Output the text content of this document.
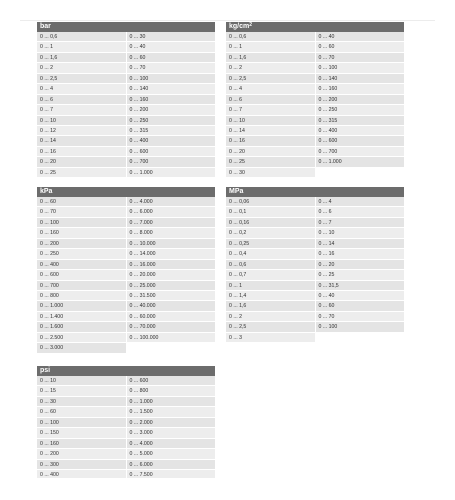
bar
0 ... 0,6	0 ... 30
0 ... 1	0 ... 40
0 ... 1,6	0 ... 60
0 ... 2	0 ... 70
0 ... 2,5	0 ... 100
0 ... 4	0 ... 140
0 ... 6	0 ... 160
0 ... 7	0 ... 200
0 ... 10	0 ... 250
0 ... 12	0 ... 315
0 ... 14	0 ... 400
0 ... 16	0 ... 600
0 ... 20	0 ... 700
0 ... 25	0 ... 1.000
$kg/cm^2$
0 ... 0,6	0 ... 40
0 ... 1	0 ... 60
0 ... 1,6	0 ... 70
0 ... 2	0 ... 100
0 ... 2,5	0 ... 140
0 ... 4	0 ... 160
0 ... 6	0 ... 200
0 ... 7	0 ... 250
0 ... 10	0 ... 315
0 ... 14	0 ... 400
0 ... 16	0 ... 600
0 ... 20	0 ... 700
0 ... 25	0 ... 1.000
0 ... 30
kPa
0 ... 60	0 ... 4.000
0 ... 70	0 ... 6.000
0 ... 100	0 ... 7.000
0 ... 160	0 ... 8.000
0 ... 200	0 ... 10.000
0 ... 250	0 ... 14.000
0 ... 400	0 ... 16.000
0 ... 600	0 ... 20.000
0 ... 700	0 ... 25.000
0 ... 800	0 ... 31.500
0 ... 1.000	0 ... 40.000
0 ... 1.400	0 ... 60.000
0 ... 1.600	0 ... 70.000
0 ... 2.500	0 ... 100.000
0 ... 3.000
MPa
0 ... 0,06	0 ... 4
0 ... 0,1	0 ... 6
0 ... 0,16	0 ... 7
0 ... 0,2	0 ... 10
0 ... 0,25	0 ... 14
0 ... 0,4	0 ... 16
0 ... 0,6	0 ... 20
0 ... 0,7	0 ... 25
0 ... 1	0 ... 31,5
0 ... 1,4	0 ... 40
0 ... 1,6	0 ... 60
0 ... 2	0 ... 70
0 ... 2,5	0 ... 100
0 ... 3
psi
0 ... 10	0 ... 600
0 ... 15	0 ... 800
0 ... 30	0 ... 1.000
0 ... 60	0 ... 1.500
0 ... 100	0 ... 2.000
0 ... 150	0 ... 3.000
0 ... 160	0 ... 4.000
0 ... 200	0 ... 5.000
0 ... 300	0 ... 6.000
0 ... 400	0 ... 7.500
